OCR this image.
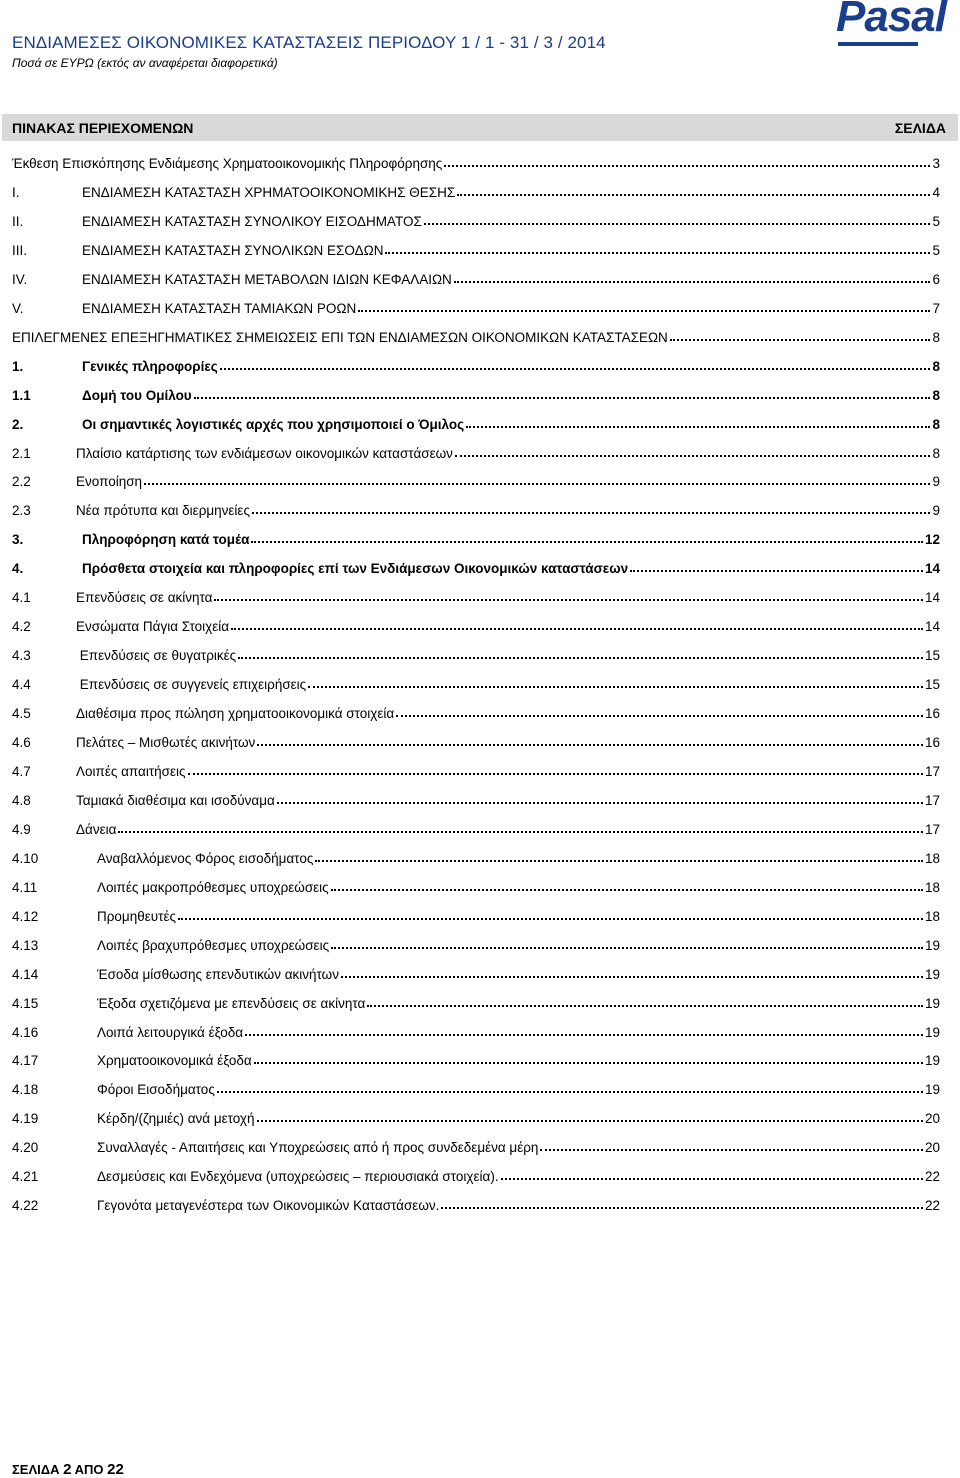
ΕΝΔΙΑΜΕΣΕΣ ΟΙΚΟΝΟΜΙΚΕΣ ΚΑΤΑΣΤΑΣΕΙΣ ΠΕΡΙΟΔΟΥ 1 / 1 - 31 / 3 / 2014
Ποσά σε ΕΥΡΩ (εκτός αν αναφέρεται διαφορετικά)
Pasal
ΠΙΝΑΚΑΣ ΠΕΡΙΕΧΟΜΕΝΩΝ	ΣΕΛΙΔΑ
Έκθεση Επισκόπησης Ενδιάμεσης Χρηματοοικονομικής Πληροφόρησης	3
I.	ΕΝΔΙΑΜΕΣΗ ΚΑΤΑΣΤΑΣΗ ΧΡΗΜΑΤΟΟΙΚΟΝΟΜΙΚΗΣ ΘΕΣΗΣ	4
II.	ΕΝΔΙΑΜΕΣΗ ΚΑΤΑΣΤΑΣΗ ΣΥΝΟΛΙΚΟΥ ΕΙΣΟΔΗΜΑΤΟΣ	5
III.	ΕΝΔΙΑΜΕΣΗ ΚΑΤΑΣΤΑΣΗ ΣΥΝΟΛΙΚΩΝ ΕΣΟΔΩΝ	5
IV.	ΕΝΔΙΑΜΕΣΗ ΚΑΤΑΣΤΑΣΗ ΜΕΤΑΒΟΛΩΝ ΙΔΙΩΝ ΚΕΦΑΛΑΙΩΝ	6
V.	ΕΝΔΙΑΜΕΣΗ ΚΑΤΑΣΤΑΣΗ ΤΑΜΙΑΚΩΝ ΡΟΩΝ	7
ΕΠΙΛΕΓΜΕΝΕΣ ΕΠΕΞΗΓΗΜΑΤΙΚΕΣ ΣΗΜΕΙΩΣΕΙΣ ΕΠΙ ΤΩΝ ΕΝΔΙΑΜΕΣΩΝ ΟΙΚΟΝΟΜΙΚΩΝ ΚΑΤΑΣΤΑΣΕΩΝ	8
1.	Γενικές πληροφορίες	8
1.1	Δομή του Ομίλου	8
2.	Οι σημαντικές λογιστικές αρχές που χρησιμοποιεί ο Όμιλος	8
2.1	Πλαίσιο κατάρτισης των ενδιάμεσων οικονομικών καταστάσεων	8
2.2	Ενοποίηση	9
2.3	Νέα πρότυπα και διερμηνείες	9
3.	Πληροφόρηση κατά τομέα	12
4.	Πρόσθετα στοιχεία και πληροφορίες επί των Ενδιάμεσων Οικονομικών καταστάσεων	14
4.1	Επενδύσεις σε ακίνητα	14
4.2	Ενσώματα Πάγια Στοιχεία	14
4.3	Επενδύσεις σε θυγατρικές	15
4.4	Επενδύσεις σε συγγενείς επιχειρήσεις	15
4.5	Διαθέσιμα προς πώληση χρηματοοικονομικά στοιχεία	16
4.6	Πελάτες – Μισθωτές ακινήτων	16
4.7	Λοιπές απαιτήσεις	17
4.8	Ταμιακά διαθέσιμα και ισοδύναμα	17
4.9	Δάνεια	17
4.10	Αναβαλλόμενος Φόρος εισοδήματος	18
4.11	Λοιπές μακροπρόθεσμες υποχρεώσεις	18
4.12	Προμηθευτές	18
4.13	Λοιπές βραχυπρόθεσμες υποχρεώσεις	19
4.14	Έσοδα μίσθωσης επενδυτικών ακινήτων	19
4.15	Έξοδα σχετιζόμενα με επενδύσεις σε ακίνητα	19
4.16	Λοιπά λειτουργικά έξοδα	19
4.17	Χρηματοοικονομικά έξοδα	19
4.18	Φόροι Εισοδήματος	19
4.19	Κέρδη/(ζημιές) ανά μετοχή	20
4.20	Συναλλαγές - Απαιτήσεις και Υποχρεώσεις από ή προς συνδεδεμένα μέρη	20
4.21	Δεσμεύσεις και Ενδεχόμενα (υποχρεώσεις – περιουσιακά στοιχεία).	22
4.22	Γεγονότα μεταγενέστερα των Οικονομικών Καταστάσεων.	22
ΣΕΛΙΔΑ 2 ΑΠΟ 22
